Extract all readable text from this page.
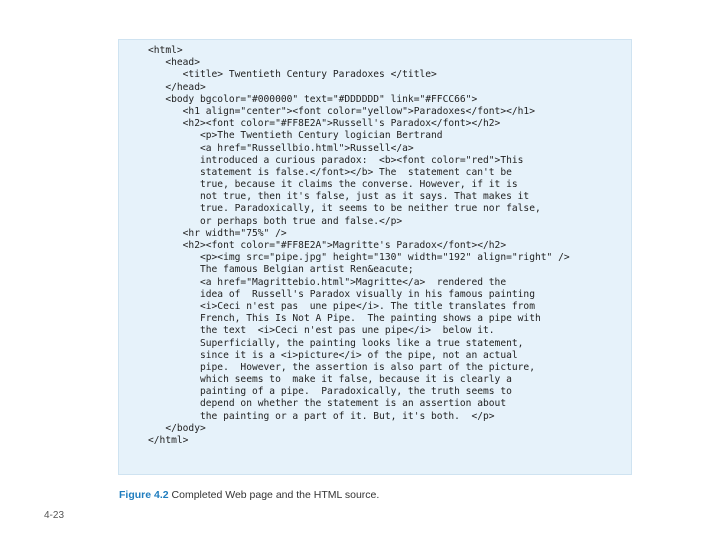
<html>
<head>
<title> Twentieth Century Paradoxes </title>
</head>
<body bgcolor="#000000" text="#DDDDDD" link="#FFCC66">
<h1 align="center"><font color="yellow">Paradoxes</font></h1>
<h2><font color="#FF8E2A">Russell's Paradox</font></h2>
<p>The Twentieth Century logician Bertrand
<a href="Russellbio.html">Russell</a>
introduced a curious paradox:  <b><font color="red">This
statement is false.</font></b> The  statement can't be
true, because it claims the converse. However, if it is
not true, then it's false, just as it says. That makes it
true. Paradoxically, it seems to be neither true nor false,
or perhaps both true and false.</p>
<hr width="75%" />
<h2><font color="#FF8E2A">Magritte's Paradox</font></h2>
<p><img src="pipe.jpg" height="130" width="192" align="right" />
The famous Belgian artist Ren&eacute;
<a href="Magrittebio.html">Magritte</a>  rendered the
idea of  Russell's Paradox visually in his famous painting
<i>Ceci n'est pas  une pipe</i>. The title translates from
French, This Is Not A Pipe.  The painting shows a pipe with
the text  <i>Ceci n'est pas une pipe</i>  below it.
Superficially, the painting looks like a true statement,
since it is a <i>picture</i> of the pipe, not an actual
pipe.  However, the assertion is also part of the picture,
which seems to  make it false, because it is clearly a
painting of a pipe.  Paradoxically, the truth seems to
depend on whether the statement is an assertion about
the painting or a part of it. But, it's both.  </p>
</body>
</html>
Figure 4.2 Completed Web page and the HTML source.
4-23
